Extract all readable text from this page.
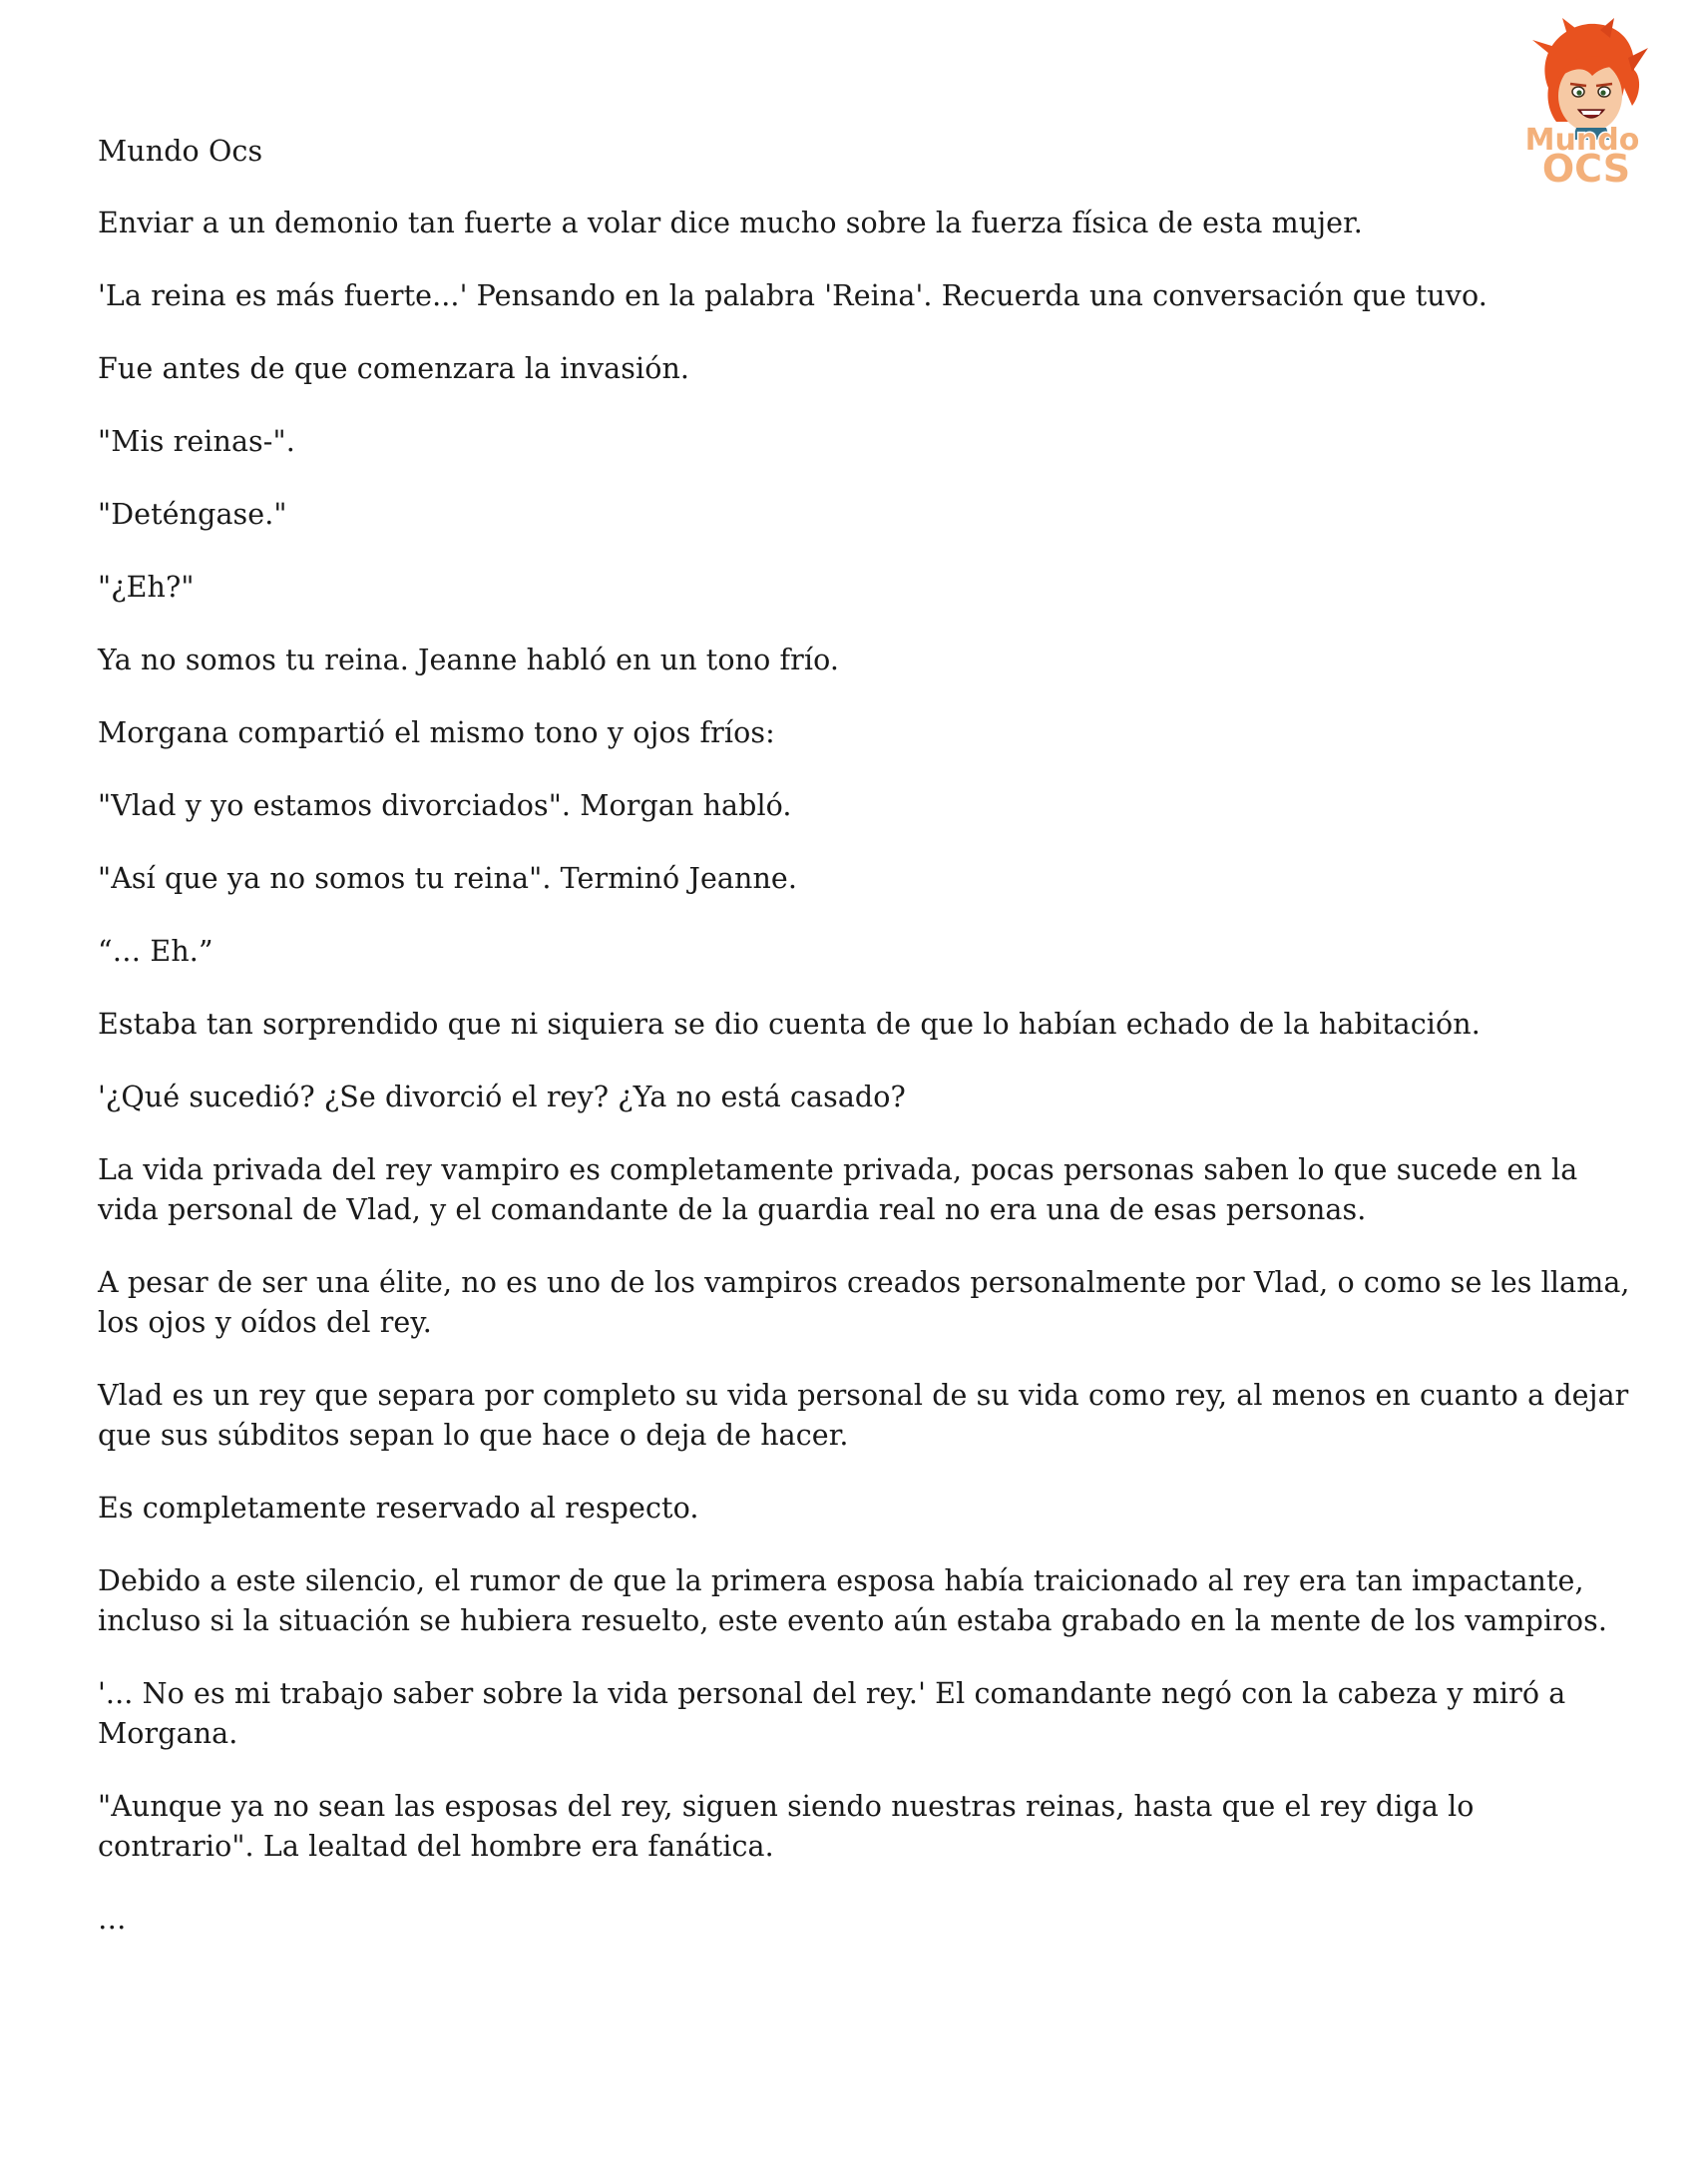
Mundo
OCS

Mundo Ocs

Enviar a un demonio tan fuerte a volar dice mucho sobre la fuerza física de esta mujer.

'La reina es más fuerte...' Pensando en la palabra 'Reina'. Recuerda una conversación que tuvo.

Fue antes de que comenzara la invasión.

"Mis reinas-".

"Deténgase."

"¿Eh?"

Ya no somos tu reina. Jeanne habló en un tono frío.

Morgana compartió el mismo tono y ojos fríos:

"Vlad y yo estamos divorciados". Morgan habló.

"Así que ya no somos tu reina". Terminó Jeanne.

“… Eh.”

Estaba tan sorprendido que ni siquiera se dio cuenta de que lo habían echado de la habitación.

'¿Qué sucedió? ¿Se divorció el rey? ¿Ya no está casado?

La vida privada del rey vampiro es completamente privada, pocas personas saben lo que sucede en la vida personal de Vlad, y el comandante de la guardia real no era una de esas personas.

A pesar de ser una élite, no es uno de los vampiros creados personalmente por Vlad, o como se les llama, los ojos y oídos del rey.

Vlad es un rey que separa por completo su vida personal de su vida como rey, al menos en cuanto a dejar que sus súbditos sepan lo que hace o deja de hacer.

Es completamente reservado al respecto.

Debido a este silencio, el rumor de que la primera esposa había traicionado al rey era tan impactante, incluso si la situación se hubiera resuelto, este evento aún estaba grabado en la mente de los vampiros.

'... No es mi trabajo saber sobre la vida personal del rey.' El comandante negó con la cabeza y miró a Morgana.

"Aunque ya no sean las esposas del rey, siguen siendo nuestras reinas, hasta que el rey diga lo contrario". La lealtad del hombre era fanática.

…
